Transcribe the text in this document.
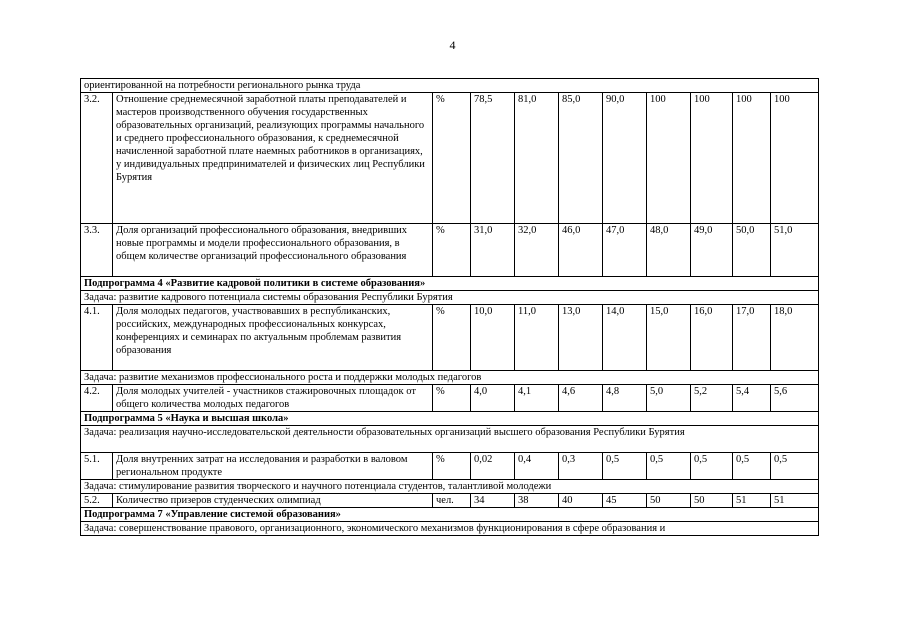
4
ориентированной на потребности регионального рынка труда										
3.2.	Отношение среднемесячной заработной платы преподавателей и мастеров производственного обучения государственных образовательных организаций, реализующих программы начального и среднего профессионального образования, к среднемесячной начисленной заработной плате наемных работников в организациях, у индивидуальных предпринимателей и физических лиц Республики Бурятия	%	78,5	81,0	85,0	90,0	100	100	100	100
3.3.	Доля организаций профессионального образования, внедривших новые программы и модели профессионального образования, в общем количестве организаций профессионального образования	%	31,0	32,0	46,0	47,0	48,0	49,0	50,0	51,0
Подпрограмма 4 «Развитие кадровой политики в системе образования»										
Задача: развитие кадрового потенциала системы образования Республики Бурятия										
4.1.	Доля молодых педагогов, участвовавших в республиканских, российских, международных профессиональных конкурсах, конференциях и семинарах по актуальным проблемам развития образования	%	10,0	11,0	13,0	14,0	15,0	16,0	17,0	18,0
Задача: развитие механизмов профессионального роста и поддержки молодых педагогов										
4.2.	Доля молодых учителей - участников стажировочных площадок от общего количества молодых педагогов	%	4,0	4,1	4,6	4,8	5,0	5,2	5,4	5,6
Подпрограмма 5 «Наука и высшая школа»										
Задача: реализация научно-исследовательской деятельности образовательных организаций высшего образования Республики Бурятия										
5.1.	Доля внутренних затрат на исследования и разработки в валовом региональном продукте	%	0,02	0,4	0,3	0,5	0,5	0,5	0,5	0,5
Задача: стимулирование развития творческого и научного потенциала студентов, талантливой молодежи										
5.2.	Количество призеров студенческих олимпиад	чел.	34	38	40	45	50	50	51	51
Подпрограмма 7 «Управление системой образования»										
Задача: совершенствование правового, организационного, экономического механизмов функционирования в сфере образования и										
